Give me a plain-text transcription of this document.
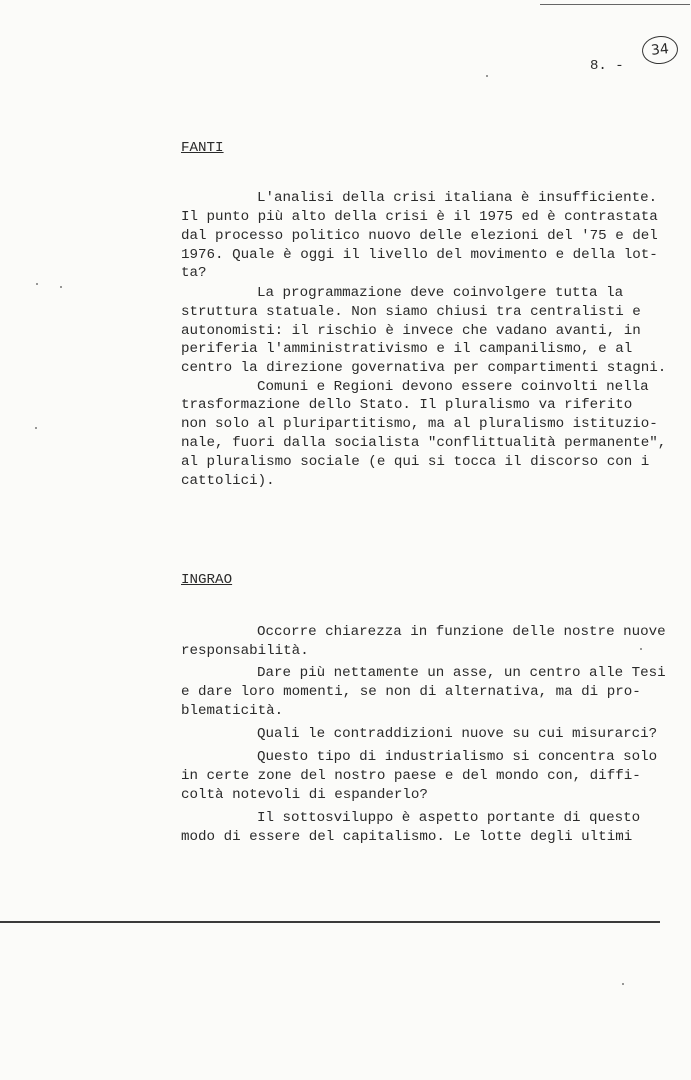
34
8. -
FANTI
L'analisi della crisi italiana è insufficiente.
Il punto più alto della crisi è il 1975 ed è contrastata
dal processo politico nuovo delle elezioni del '75 e del
1976. Quale è oggi il livello del movimento e della lot-
ta?
La programmazione deve coinvolgere tutta la
struttura statuale. Non siamo chiusi tra centralisti e
autonomisti: il rischio è invece che vadano avanti, in
periferia l'amministrativismo e il campanilismo, e al
centro la direzione governativa per compartimenti stagni.
Comuni e Regioni devono essere coinvolti nella
trasformazione dello Stato. Il pluralismo va riferito
non solo al pluripartitismo, ma al pluralismo istituzio-
nale, fuori dalla socialista "conflittualità permanente",
al pluralismo sociale (e qui si tocca il discorso con i
cattolici).
INGRAO
Occorre chiarezza in funzione delle nostre nuove
responsabilità.
Dare più nettamente un asse, un centro alle Tesi
e dare loro momenti, se non di alternativa, ma di pro-
blematicità.
Quali le contraddizioni nuove su cui misurarci?
Questo tipo di industrialismo si concentra solo
in certe zone del nostro paese e del mondo con, diffi-
coltà notevoli di espanderlo?
Il sottosviluppo è aspetto portante di questo
modo di essere del capitalismo. Le lotte degli ultimi
